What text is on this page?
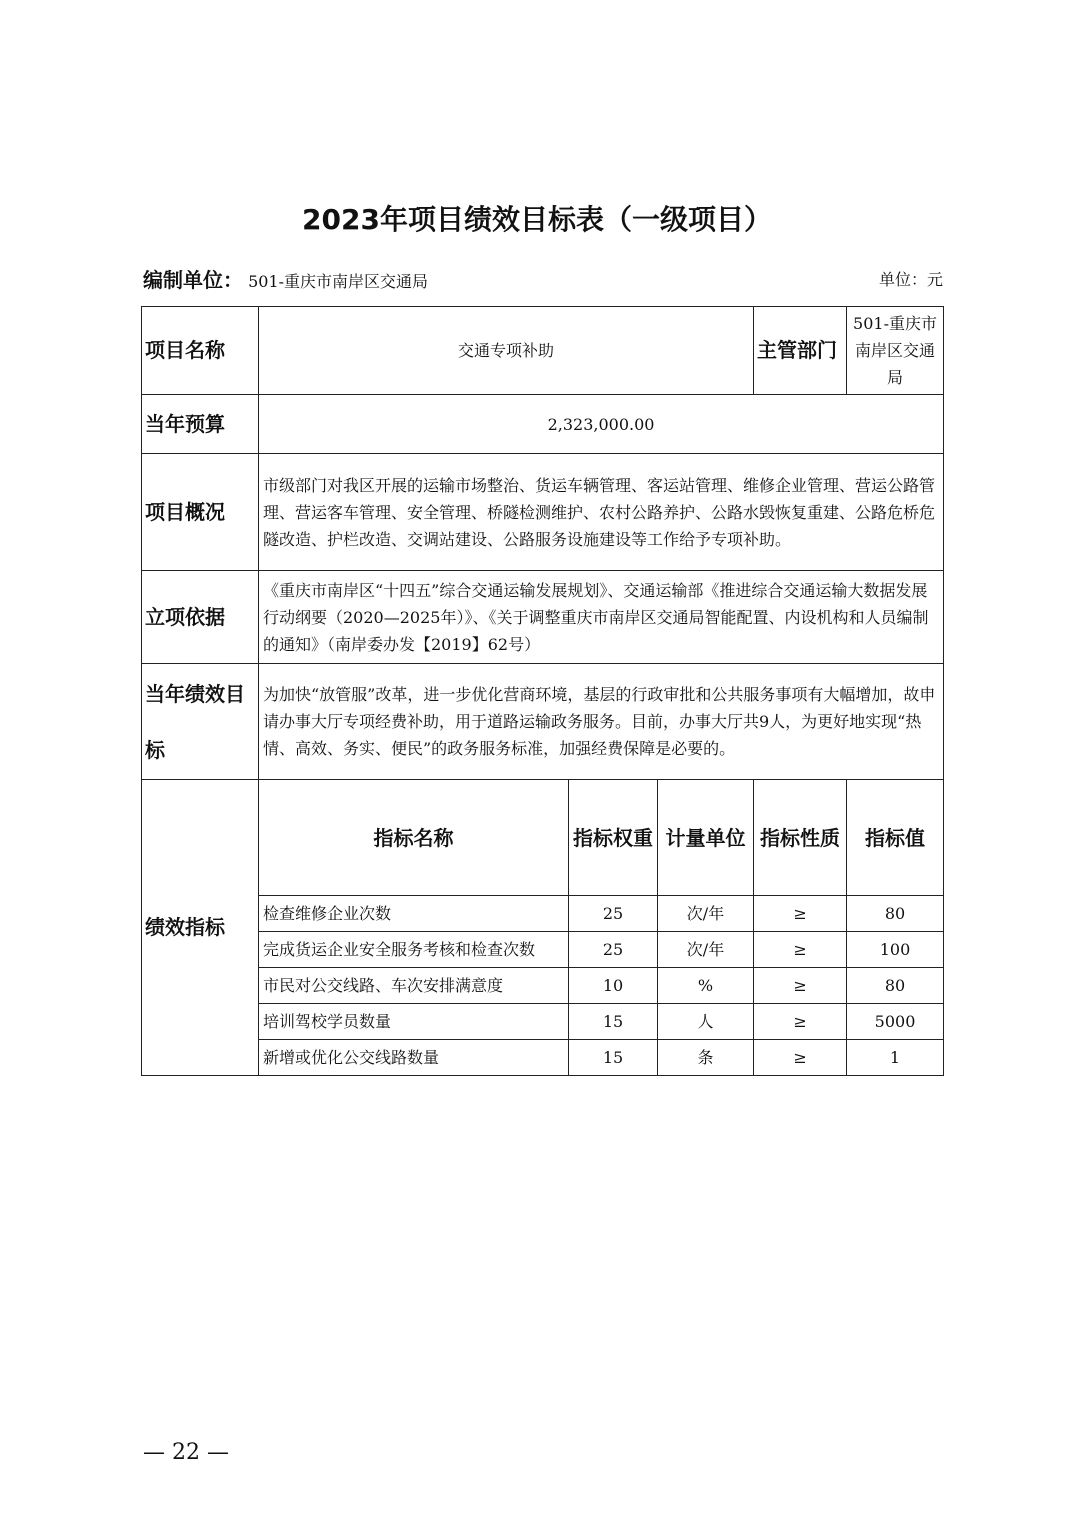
2023年项目绩效目标表（一级项目）
编制单位： 501-重庆市南岸区交通局	单位：元
项目名称	交通专项补助			主管部门	501-重庆市南岸区交通局
当年预算	2,323,000.00				
项目概况	市级部门对我区开展的运输市场整治、货运车辆管理、客运站管理、维修企业管理、营运公路管理、营运客车管理、安全管理、桥隧检测维护、农村公路养护、公路水毁恢复重建、公路危桥危隧改造、护栏改造、交调站建设、公路服务设施建设等工作给予专项补助。				
立项依据	《重庆市南岸区“十四五”综合交通运输发展规划》、交通运输部《推进综合交通运输大数据发展行动纲要（2020—2025年）》、《关于调整重庆市南岸区交通局智能配置、内设机构和人员编制的通知》（南岸委办发【2019】62号）				
当年绩效目标	为加快“放管服”改革，进一步优化营商环境，基层的行政审批和公共服务事项有大幅增加，故申请办事大厅专项经费补助，用于道路运输政务服务。目前，办事大厅共9人，为更好地实现“热情、高效、务实、便民”的政务服务标准，加强经费保障是必要的。				
绩效指标	指标名称	指标权重	计量单位	指标性质	指标值
	检查维修企业次数	25	次/年	≥	80
	完成货运企业安全服务考核和检查次数	25	次/年	≥	100
	市民对公交线路、车次安排满意度	10	%	≥	80
	培训驾校学员数量	15	人	≥	5000
	新增或优化公交线路数量	15	条	≥	1
— 22 —
